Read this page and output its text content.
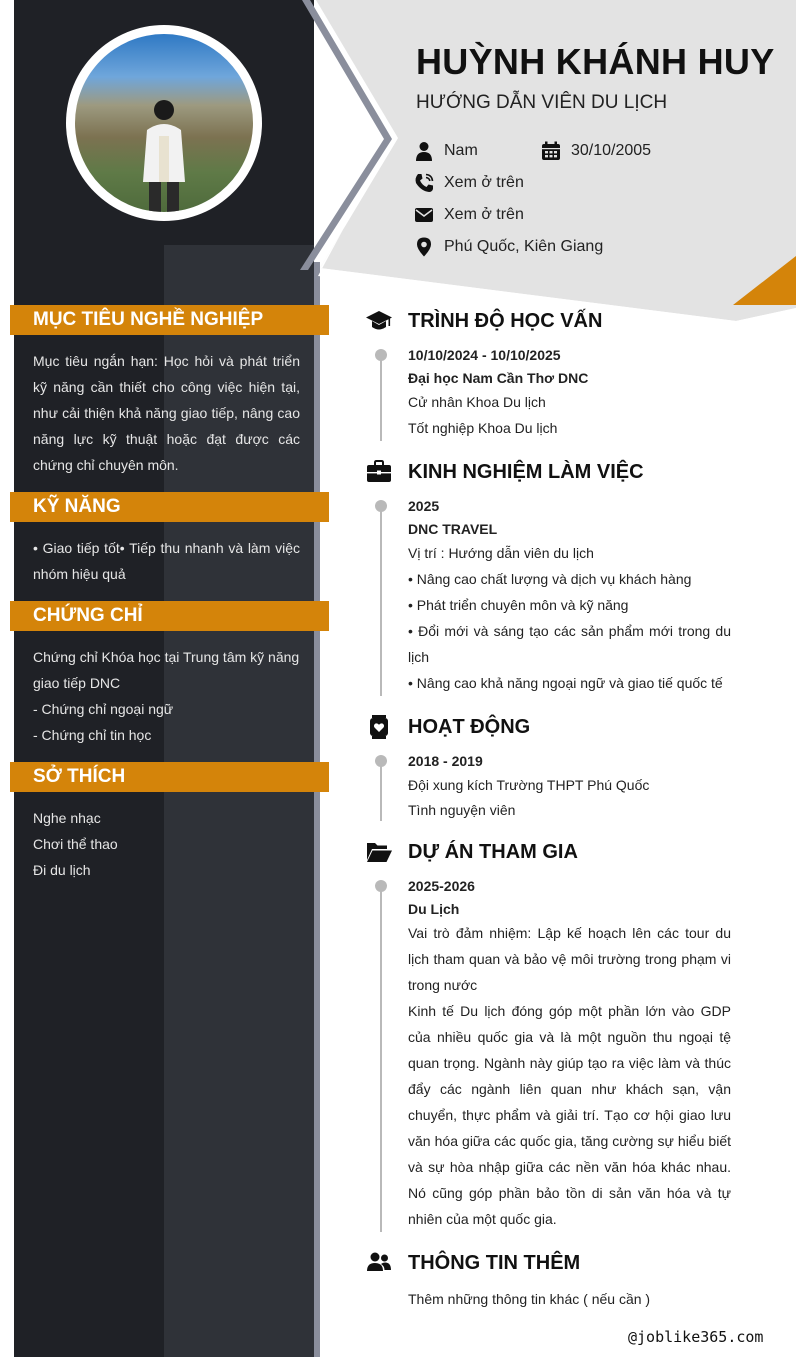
HUỲNH KHÁNH HUY
HƯỚNG DẪN VIÊN DU LỊCH
Nam	30/10/2005
Xem ở trên
Xem ở trên
Phú Quốc, Kiên Giang
MỤC TIÊU NGHỀ NGHIỆP
Mục tiêu ngắn hạn: Học hỏi và phát triển kỹ năng cần thiết cho công việc hiện tại, như cải thiện khả năng giao tiếp, nâng cao năng lực kỹ thuật hoặc đạt được các chứng chỉ chuyên môn.
KỸ NĂNG
• Giao tiếp tốt• Tiếp thu nhanh và làm việc nhóm hiệu quả
CHỨNG CHỈ
Chứng chỉ Khóa học tại Trung tâm kỹ năng giao tiếp DNC
- Chứng chỉ ngoại ngữ
- Chứng chỉ tin học
SỞ THÍCH
Nghe nhạc
Chơi thể thao
Đi du lịch
TRÌNH ĐỘ HỌC VẤN
10/10/2024 - 10/10/2025
Đại học Nam Cần Thơ DNC
Cử nhân Khoa Du lịch
Tốt nghiệp Khoa Du lịch
KINH NGHIỆM LÀM VIỆC
2025
DNC TRAVEL
Vị trí : Hướng dẫn viên du lịch
• Nâng cao chất lượng và dịch vụ khách hàng
• Phát triển chuyên môn và kỹ năng
• Đổi mới và sáng tạo các sản phẩm mới trong du lịch
• Nâng cao khả năng ngoại ngữ và giao tiế quốc tế
HOẠT ĐỘNG
2018 - 2019
Đội xung kích Trường THPT Phú Quốc
Tình nguyện viên
DỰ ÁN THAM GIA
2025-2026
Du Lịch
Vai trò đảm nhiệm: Lập kế hoạch lên các tour du lịch tham quan và bảo vệ môi trường trong phạm vi trong nước
Kinh tế Du lịch đóng góp một phần lớn vào GDP của nhiều quốc gia và là một nguồn thu ngoại tệ quan trọng. Ngành này giúp tạo ra việc làm và thúc đẩy các ngành liên quan như khách sạn, vận chuyển, thực phẩm và giải trí. Tạo cơ hội giao lưu văn hóa giữa các quốc gia, tăng cường sự hiểu biết và sự hòa nhập giữa các nền văn hóa khác nhau. Nó cũng góp phần bảo tồn di sản văn hóa và tự nhiên của một quốc gia.
THÔNG TIN THÊM
Thêm những thông tin khác ( nếu cần )
@joblike365.com
